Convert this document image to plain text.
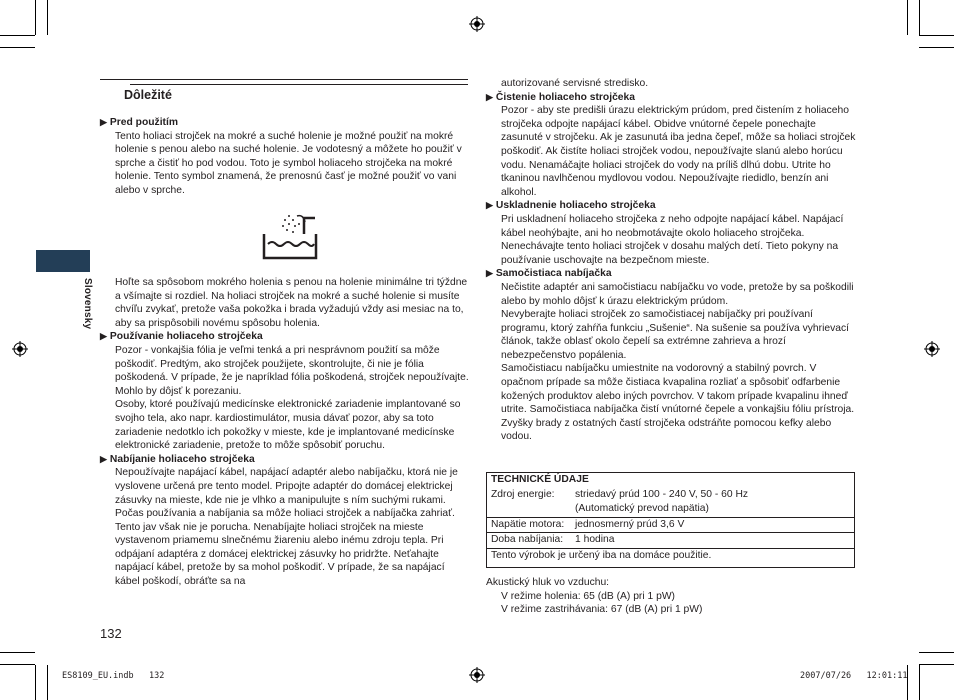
Slovensky
Dôležité
▶ Pred použitím

Tento holiaci strojček na mokré a suché holenie je možné použiť na mokré holenie s penou alebo na suché holenie. Je vodotesný a môžete ho použiť v sprche a čistiť ho pod vodou. Toto je symbol holiaceho strojčeka na mokré holenie. Tento symbol znamená, že prenosnú časť je možné použiť vo vani alebo v sprche.

Hoľte sa spôsobom mokrého holenia s penou na holenie minimálne tri týždne a všímajte si rozdiel. Na holiaci strojček na mokré a suché holenie si musíte chvíľu zvykať, pretože vaša pokožka i brada vyžadujú vždy asi mesiac na to, aby sa prispôsobili novému spôsobu holenia.

▶ Používanie holiaceho strojčeka

Pozor - vonkajšia fólia je veľmi tenká a pri nesprávnom použití sa môže poškodiť. Predtým, ako strojček použijete, skontrolujte, či nie je fólia poškodená. V prípade, že je napríklad fólia poškodená, strojček nepoužívajte. Mohlo by dôjsť k porezaniu.

Osoby, ktoré používajú medicínske elektronické zariadenie implantované so svojho tela, ako napr. kardiostimulátor, musia dávať pozor, aby sa toto zariadenie nedotklo ich pokožky v mieste, kde je implantované medicínske elektronické zariadenie, pretože to môže spôsobiť poruchu.

▶ Nabíjanie holiaceho strojčeka

Nepoužívajte napájací kábel, napájací adaptér alebo nabíjačku, ktorá nie je vyslovene určená pre tento model. Pripojte adaptér do domácej elektrickej zásuvky na mieste, kde nie je vlhko a manipulujte s ním suchými rukami. Počas používania a nabíjania sa môže holiaci strojček a nabíjačka zahriať. Tento jav však nie je porucha. Nenabíjajte holiaci strojček na mieste vystavenom priamemu slnečnému žiareniu alebo inému zdroju tepla. Pri odpájaní adaptéra z domácej elektrickej zásuvky ho pridržte. Neťahajte napájací kábel, pretože by sa mohol poškodiť. V prípade, že sa napájací kábel poškodí, obráťte sa na

132

autorizované servisné stredisko.

▶ Čistenie holiaceho strojčeka

Pozor - aby ste predišli úrazu elektrickým prúdom, pred čistením z holiaceho strojčeka odpojte napájací kábel. Obidve vnútorné čepele ponechajte zasunuté v strojčeku. Ak je zasunutá iba jedna čepeľ, môže sa holiaci strojček poškodiť. Ak čistíte holiaci strojček vodou, nepoužívajte slanú alebo horúcu vodu. Nenamáčajte holiaci strojček do vody na príliš dlhú dobu. Utrite ho tkaninou navlhčenou mydlovou vodou. Nepoužívajte riedidlo, benzín ani alkohol.

▶ Uskladnenie holiaceho strojčeka

Pri uskladnení holiaceho strojčeka z neho odpojte napájací kábel. Napájací kábel neohýbajte, ani ho neobmotávajte okolo holiaceho strojčeka. Nenechávajte tento holiaci strojček v dosahu malých detí. Tieto pokyny na používanie uschovajte na bezpečnom mieste.

▶ Samočistiaca nabíjačka

Nečistite adaptér ani samočistiacu nabíjačku vo vode, pretože by sa poškodili alebo by mohlo dôjsť k úrazu elektrickým prúdom.

Nevyberajte holiaci strojček zo samočistiacej nabíjačky pri používaní programu, ktorý zahŕňa funkciu „Sušenie“. Na sušenie sa používa vyhrievací článok, takže oblasť okolo čepelí sa extrémne zahrieva a hrozí nebezpečenstvo popálenia.

Samočistiacu nabíjačku umiestnite na vodorovný a stabilný povrch. V opačnom prípade sa môže čistiaca kvapalina rozliať a spôsobiť odfarbenie kožených produktov alebo iných povrchov. V takom prípade kvapalinu ihneď utrite. Samočistiaca nabíjačka čistí vnútorné čepele a vonkajšiu fóliu prístroja. Zvyšky brady z ostatných častí strojčeka odstráňte pomocou kefky alebo vodou.

TECHNICKÉ ÚDAJE
Zdroj energie:	striedavý prúd 100 - 240 V, 50 - 60 Hz
(Automatický prevod napätia)
Napätie motora:	jednosmerný prúd 3,6 V
Doba nabíjania:	1 hodina
Tento výrobok je určený iba na domáce použitie.

Akustický hluk vo vzduchu:

V režime holenia: 65 (dB (A) pri 1 pW)

V režime zastrihávania: 67 (dB (A) pri 1 pW)

ES8109_EU.indb   132	2007/07/26   12:01:11
